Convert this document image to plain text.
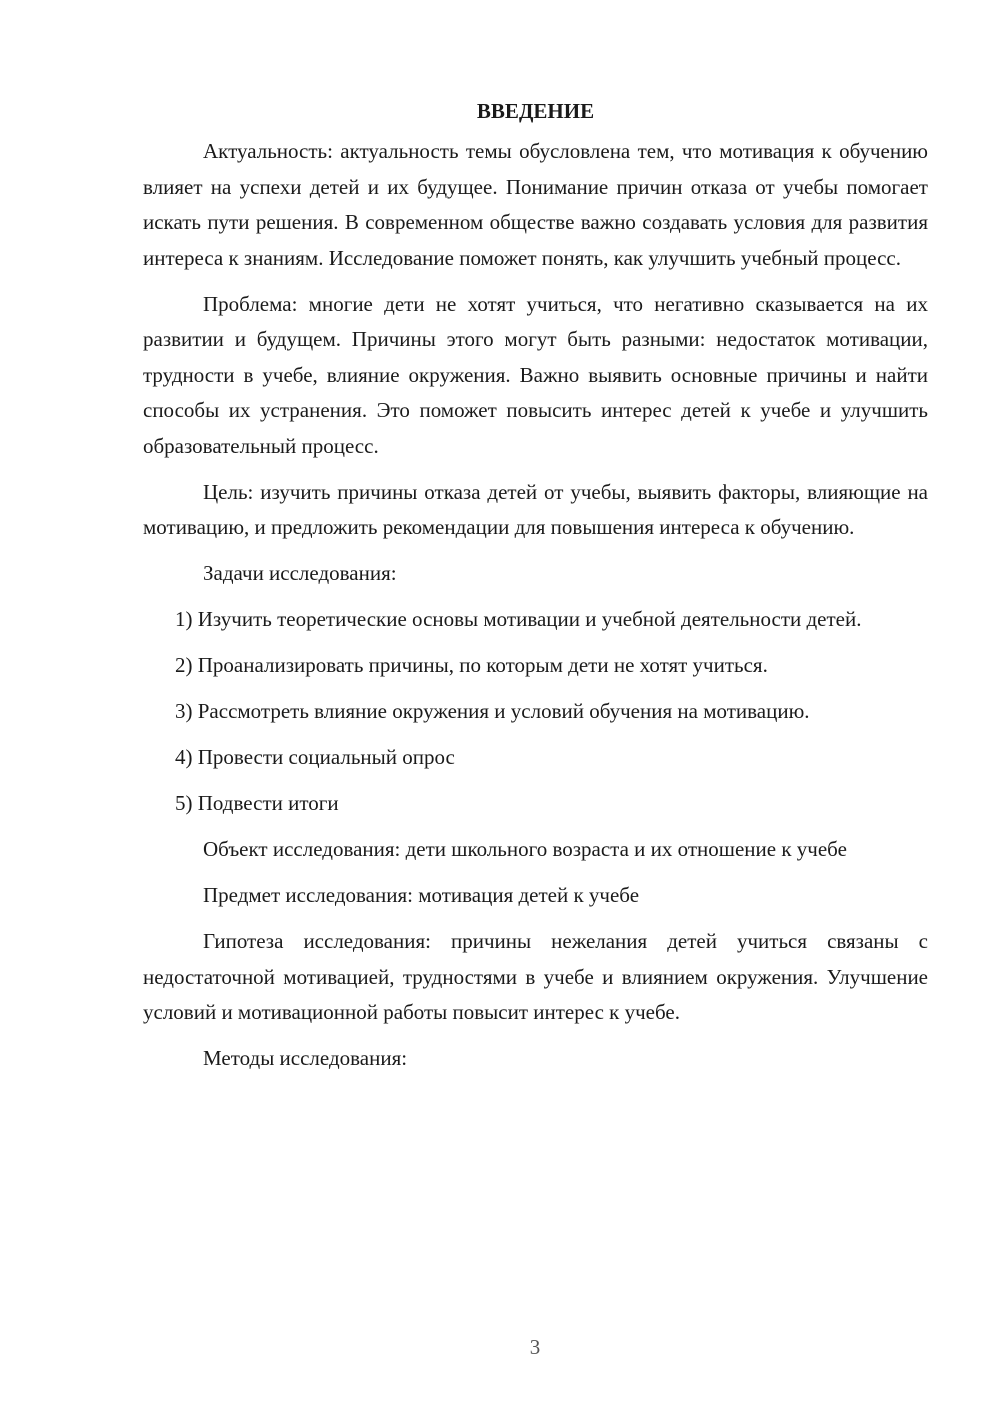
ВВЕДЕНИЕ

Актуальность: актуальность темы обусловлена тем, что мотивация к обучению влияет на успехи детей и их будущее. Понимание причин отказа от учебы помогает искать пути решения. В современном обществе важно создавать условия для развития интереса к знаниям. Исследование поможет понять, как улучшить учебный процесс.

Проблема: многие дети не хотят учиться, что негативно сказывается на их развитии и будущем. Причины этого могут быть разными: недостаток мотивации, трудности в учебе, влияние окружения. Важно выявить основные причины и найти способы их устранения. Это поможет повысить интерес детей к учебе и улучшить образовательный процесс.

Цель: изучить причины отказа детей от учебы, выявить факторы, влияющие на мотивацию, и предложить рекомендации для повышения интереса к обучению.

Задачи исследования:

1) Изучить теоретические основы мотивации и учебной деятельности детей.

2) Проанализировать причины, по которым дети не хотят учиться.

3) Рассмотреть влияние окружения и условий обучения на мотивацию.

4) Провести социальный опрос

5) Подвести итоги

Объект исследования: дети школьного возраста и их отношение к учебе

Предмет исследования: мотивация детей к учебе

Гипотеза исследования: причины нежелания детей учиться связаны с недостаточной мотивацией, трудностями в учебе и влиянием окружения. Улучшение условий и мотивационной работы повысит интерес к учебе.

Методы исследования:

3
